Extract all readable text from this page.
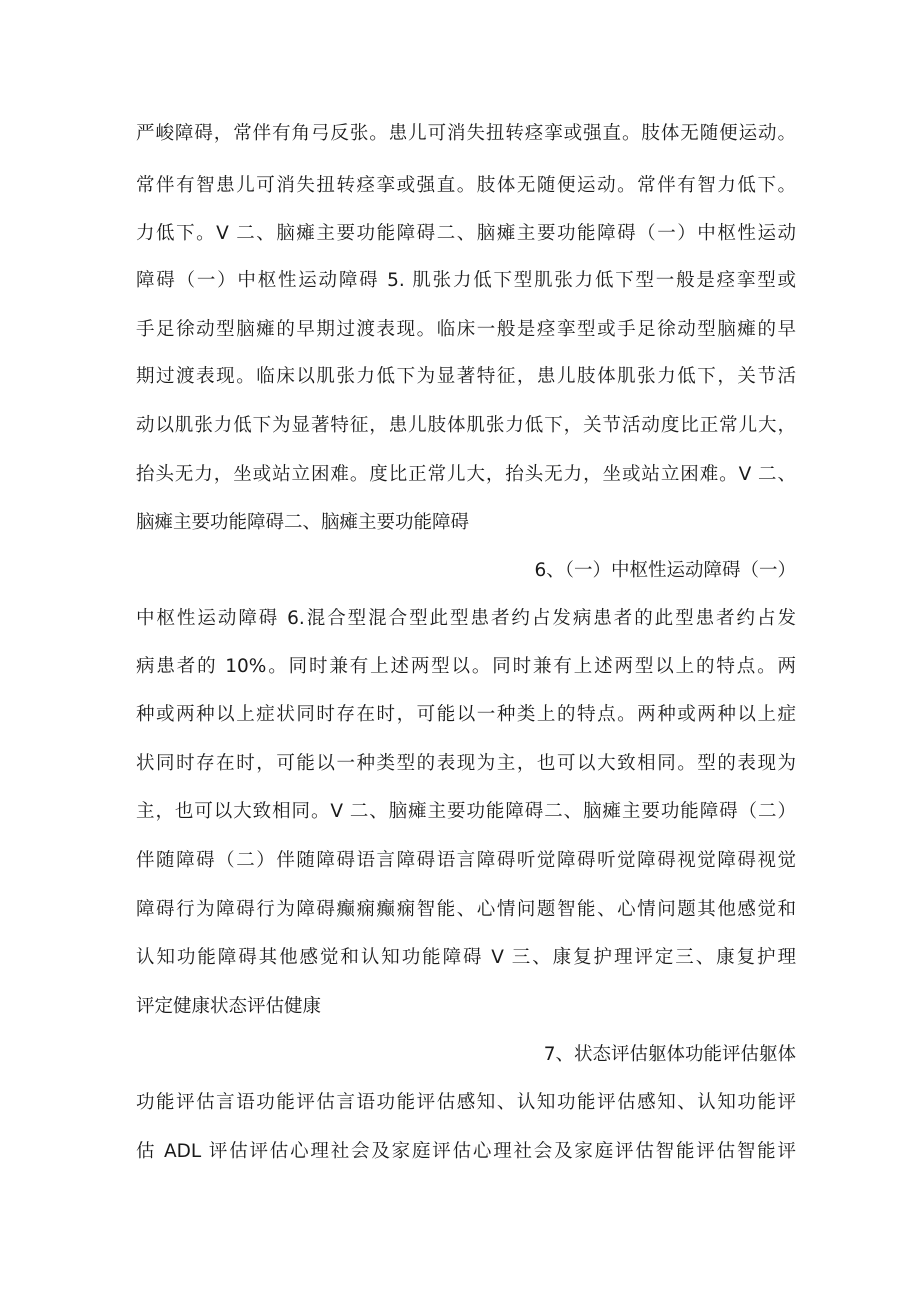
严峻障碍，常伴有角弓反张。患儿可消失扭转痉挛或强直。肢体无随便运动。
常伴有智患儿可消失扭转痉挛或强直。肢体无随便运动。常伴有智力低下。
力低下。V 二、脑瘫主要功能障碍二、脑瘫主要功能障碍（一）中枢性运动
障碍（一）中枢性运动障碍 5. 肌张力低下型肌张力低下型一般是痉挛型或
手足徐动型脑瘫的早期过渡表现。临床一般是痉挛型或手足徐动型脑瘫的早
期过渡表现。临床以肌张力低下为显著特征，患儿肢体肌张力低下，关节活
动以肌张力低下为显著特征，患儿肢体肌张力低下，关节活动度比正常儿大，
抬头无力，坐或站立困难。度比正常儿大，抬头无力，坐或站立困难。V 二、
脑瘫主要功能障碍二、脑瘫主要功能障碍
6、（一）中枢性运动障碍（一）
中枢性运动障碍 6.混合型混合型此型患者约占发病患者的此型患者约占发
病患者的 10%。同时兼有上述两型以。同时兼有上述两型以上的特点。两
种或两种以上症状同时存在时，可能以一种类上的特点。两种或两种以上症
状同时存在时，可能以一种类型的表现为主，也可以大致相同。型的表现为
主，也可以大致相同。V 二、脑瘫主要功能障碍二、脑瘫主要功能障碍（二）
伴随障碍（二）伴随障碍语言障碍语言障碍听觉障碍听觉障碍视觉障碍视觉
障碍行为障碍行为障碍癫痫癫痫智能、心情问题智能、心情问题其他感觉和
认知功能障碍其他感觉和认知功能障碍 V 三、康复护理评定三、康复护理
评定健康状态评估健康
7、状态评估躯体功能评估躯体
功能评估言语功能评估言语功能评估感知、认知功能评估感知、认知功能评
估 ADL 评估评估心理社会及家庭评估心理社会及家庭评估智能评估智能评
